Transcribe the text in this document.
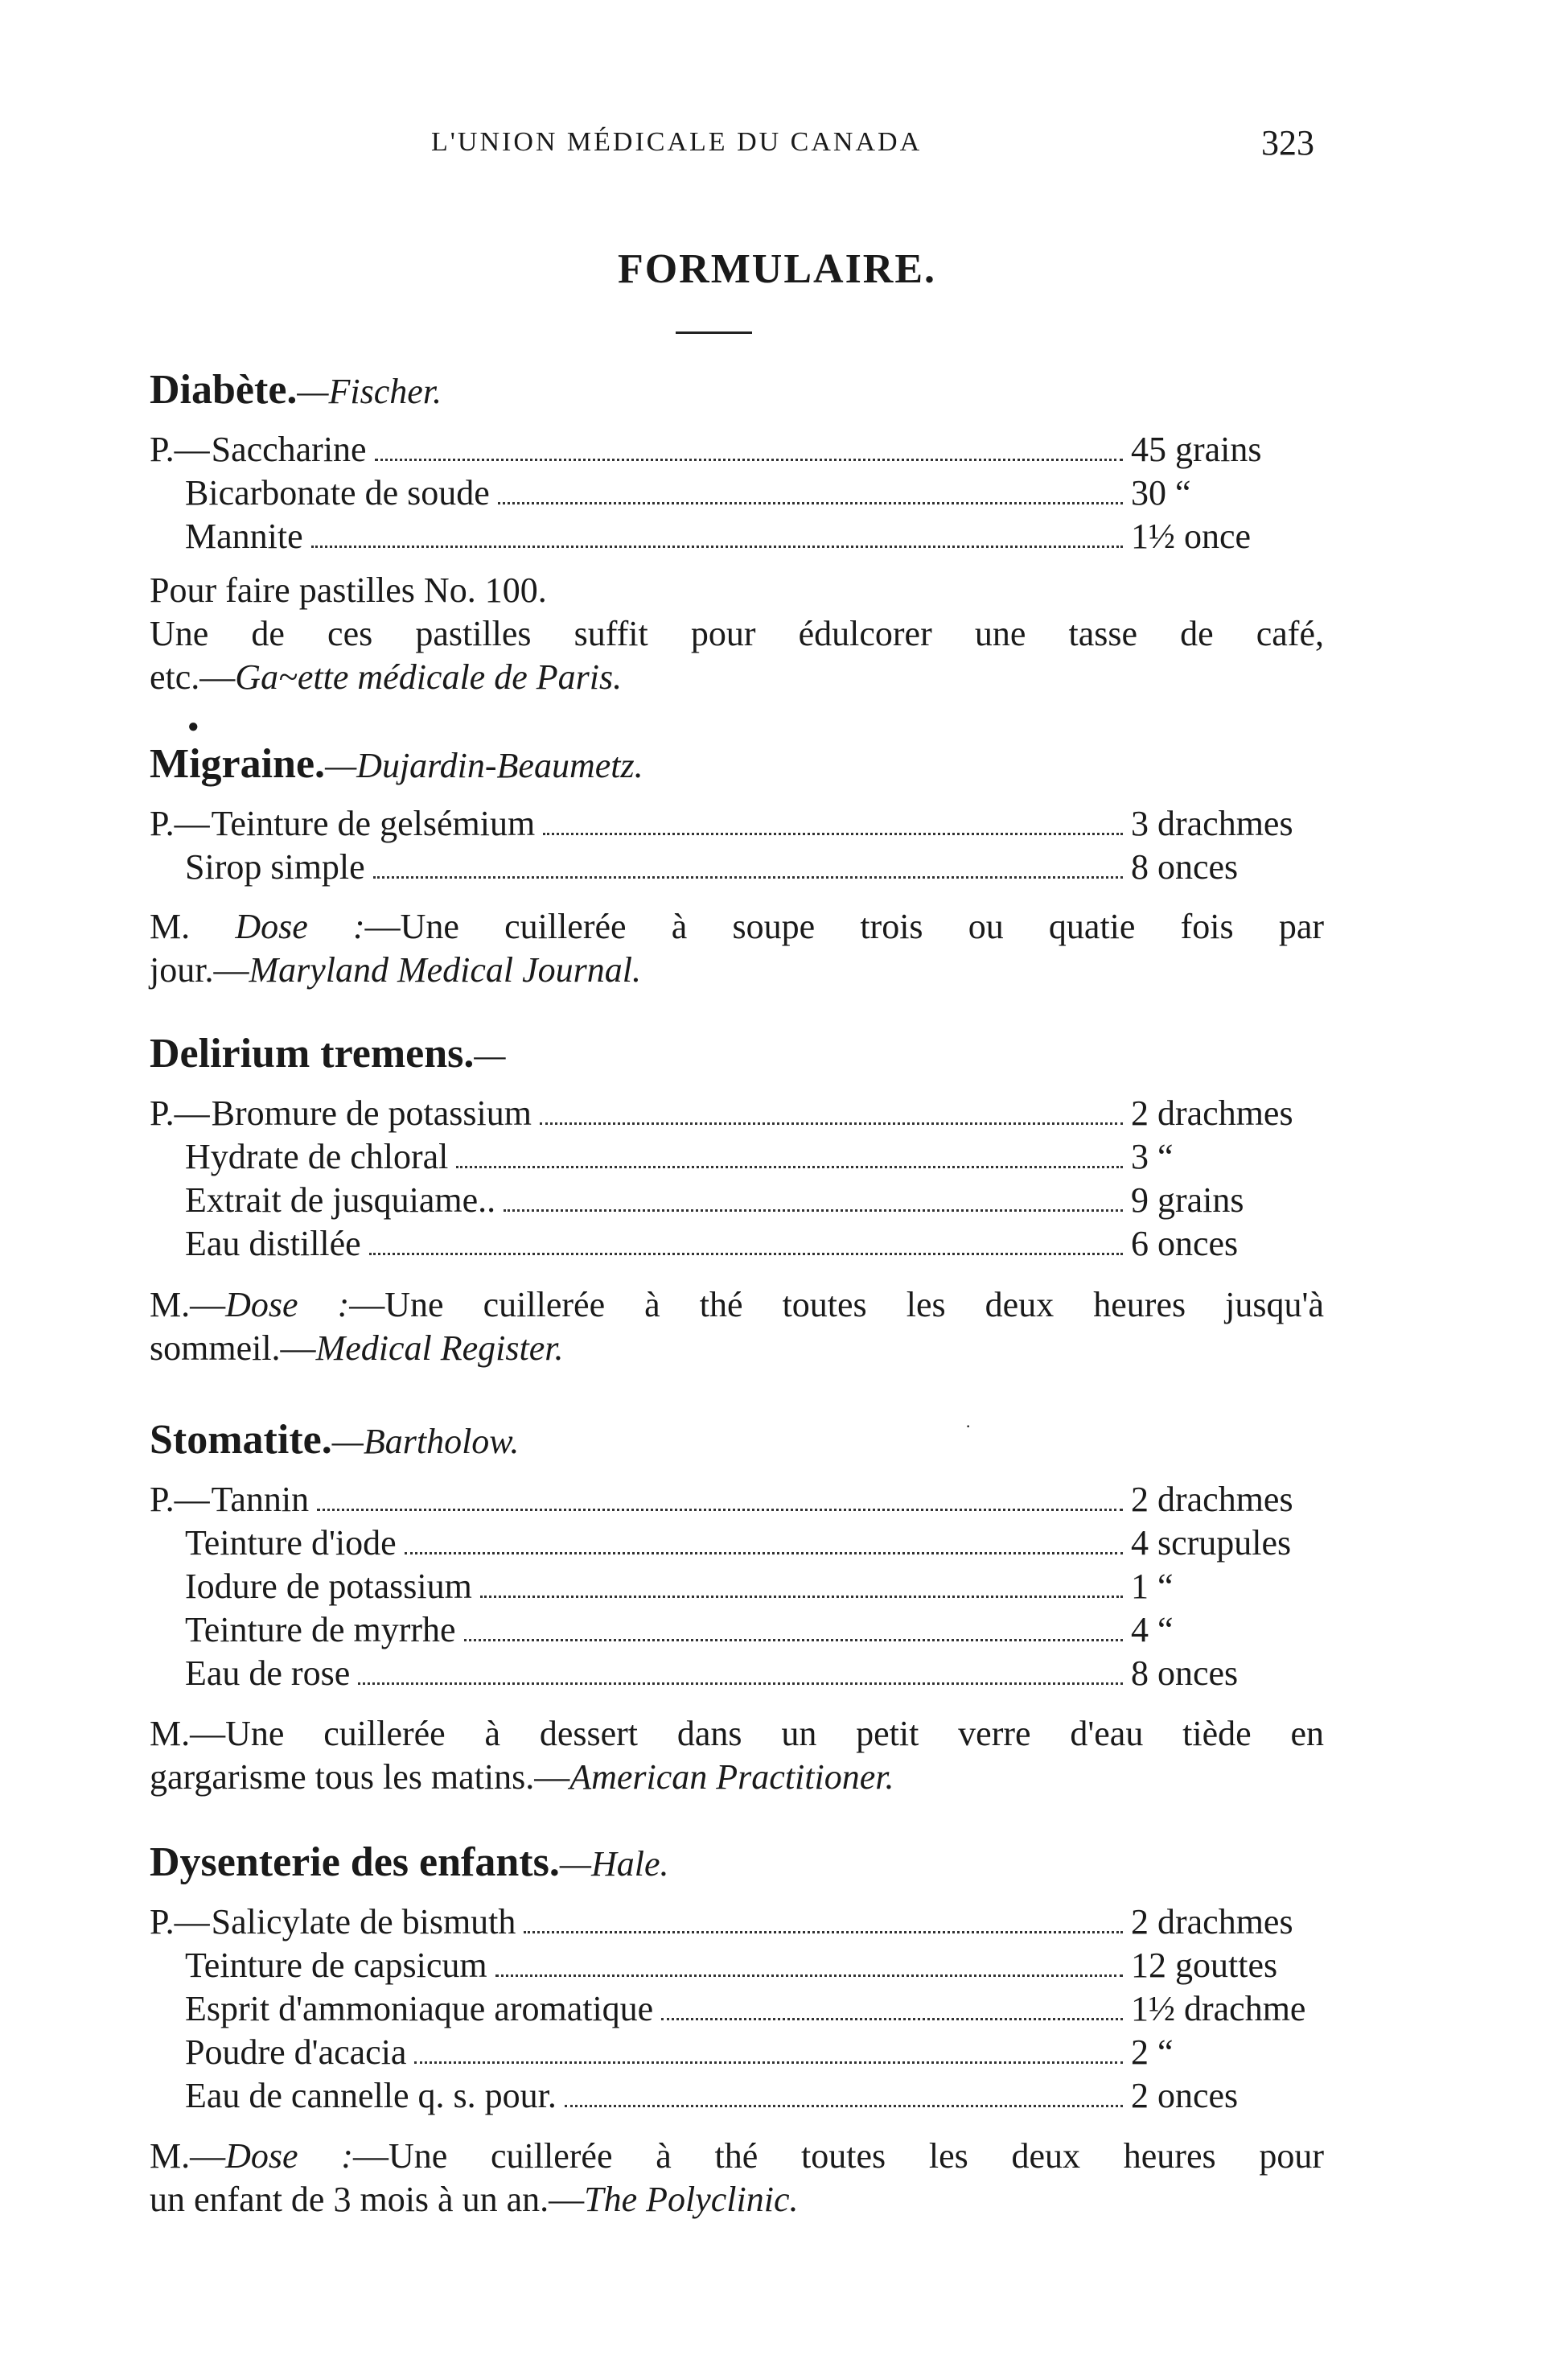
L'UNION MÉDICALE DU CANADA	323
FORMULAIRE.
Diabète.—Fischer.
P.— Saccharine	45 grains
Bicarbonate de soude	30 “
Mannite	1½ once
Pour faire pastilles No. 100.
Une de ces pastilles suffit pour édulcorer une tasse de café,
etc.—Ga~ette médicale de Paris.
●
Migraine.—Dujardin-Beaumetz.
P.— Teinture de gelsémium	3 drachmes
Sirop simple	8 onces
M. Dose :—Une cuillerée à soupe trois ou quatie fois par
jour.—Maryland Medical Journal.
Delirium tremens.—
P.— Bromure de potassium	2 drachmes
Hydrate de chloral	3 “
Extrait de jusquiame..	9 grains
Eau distillée	6 onces
M.—Dose :—Une cuillerée à thé toutes les deux heures jusqu'à
sommeil.—Medical Register.
·
Stomatite.—Bartholow.
P.— Tannin	2 drachmes
Teinture d'iode	4 scrupules
Iodure de potassium	1 “
Teinture de myrrhe	4 “
Eau de rose	8 onces
M.—Une cuillerée à dessert dans un petit verre d'eau tiède en
gargarisme tous les matins.—American Practitioner.
Dysenterie des enfants.—Hale.
P.— Salicylate de bismuth	2 drachmes
Teinture de capsicum	12 gouttes
Esprit d'ammoniaque aromatique	1½ drachme
Poudre d'acacia	2 “
Eau de cannelle q. s. pour.	2 onces
M.—Dose :—Une cuillerée à thé toutes les deux heures pour
un enfant de 3 mois à un an.—The Polyclinic.
